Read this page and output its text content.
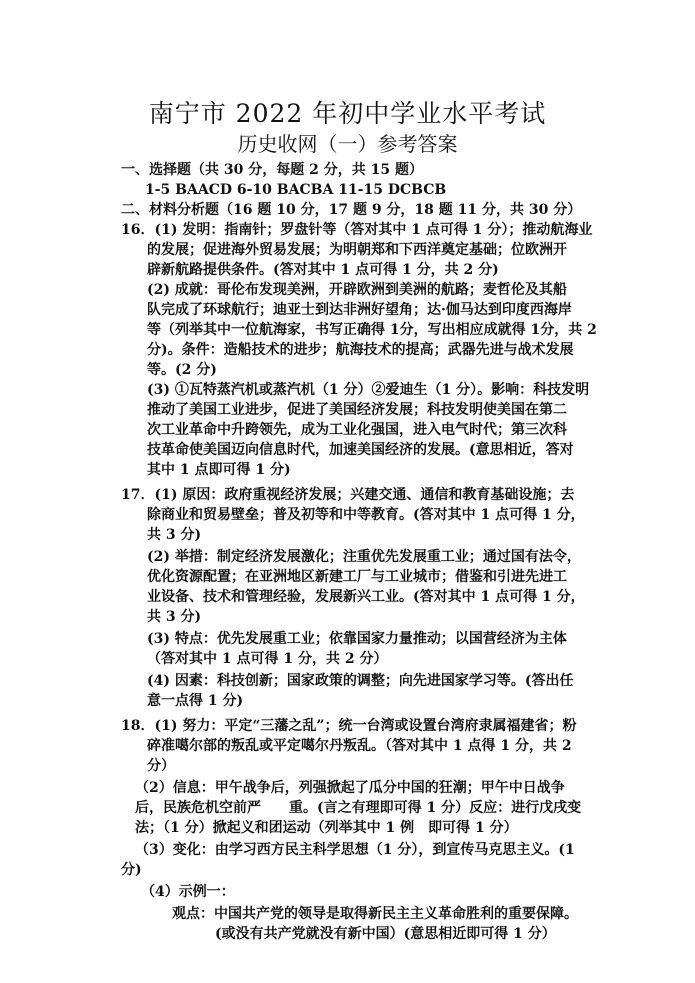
南宁市 2022 年初中学业水平考试
历史收网（一）参考答案
一、选择题（共 30 分，每题 2 分，共 15 题）
1-5 BAACD 6-10 BACBA 11-15 DCBCB
二、材料分析题（16 题 10 分，17 题 9 分，18 题 11 分，共 30 分）
16．(1) 发明：指南针；罗盘针等（答对其中 1 点可得 1 分）；推动航海业
的发展；促进海外贸易发展；为明朝郑和下西洋奠定基础；位欧洲开
辟新航路提供条件。(答对其中 1 点可得 1 分，共 2 分)
(2) 成就：哥伦布发现美洲，开辟欧洲到美洲的航路；麦哲伦及其船
队完成了环球航行；迪亚士到达非洲好望角；达·伽马达到印度西海岸
等（列举其中一位航海家，书写正确得 1分，写出相应成就得 1分，共 2
分)。条件：造船技术的进步；航海技术的提高；武器先进与战术发展
等。(2 分)
(3) ①瓦特蒸汽机或蒸汽机（1 分）②爱迪生（1 分）。影响：科技发明
推动了美国工业进步，促进了美国经济发展；科技发明使美国在第二
次工业革命中升跨领先，成为工业化强国，进入电气时代；第三次科
技革命使美国迈向信息时代，加速美国经济的发展。(意思相近，答对
其中 1 点即可得 1 分)
17．(1) 原因：政府重视经济发展；兴建交通、通信和教育基础设施；去
除商业和贸易壁垒；普及初等和中等教育。(答对其中 1 点可得 1 分，
共 3 分)
(2) 举措：制定经济发展激化；注重优先发展重工业；通过国有法令，
优化资源配置；在亚洲地区新建工厂与工业城市；借鉴和引进先进工
业设备、技术和管理经验，发展新兴工业。(答对其中 1 点可得 1 分，
共 3 分)
(3) 特点：优先发展重工业；依靠国家力量推动；以国营经济为主体
（答对其中 1 点可得 1 分，共 2 分）
(4) 因素：科技创新；国家政策的调整；向先进国家学习等。(答出任
意一点得 1 分)
18．(1) 努力：平定“三藩之乱”；统一台湾或设置台湾府隶属福建省；粉
碎准噶尔部的叛乱或平定噶尔丹叛乱。（答对其中 1 点得 1 分，共 2
分）
（2）信息：甲午战争后，列强掀起了瓜分中国的狂潮；甲午中日战争
后，民族危机空前严　　重。(言之有理即可得 1 分）反应：进行戊戌变
法；（1 分）掀起义和团运动（列举其中 1 例　即可得 1 分）
（3）变化：由学习西方民主科学思想（1 分），到宣传马克思主义。(1
分)
（4）示例一：
观点：中国共产党的领导是取得新民主主义革命胜利的重要保障。
(或没有共产党就没有新中国）(意思相近即可得 1 分）
